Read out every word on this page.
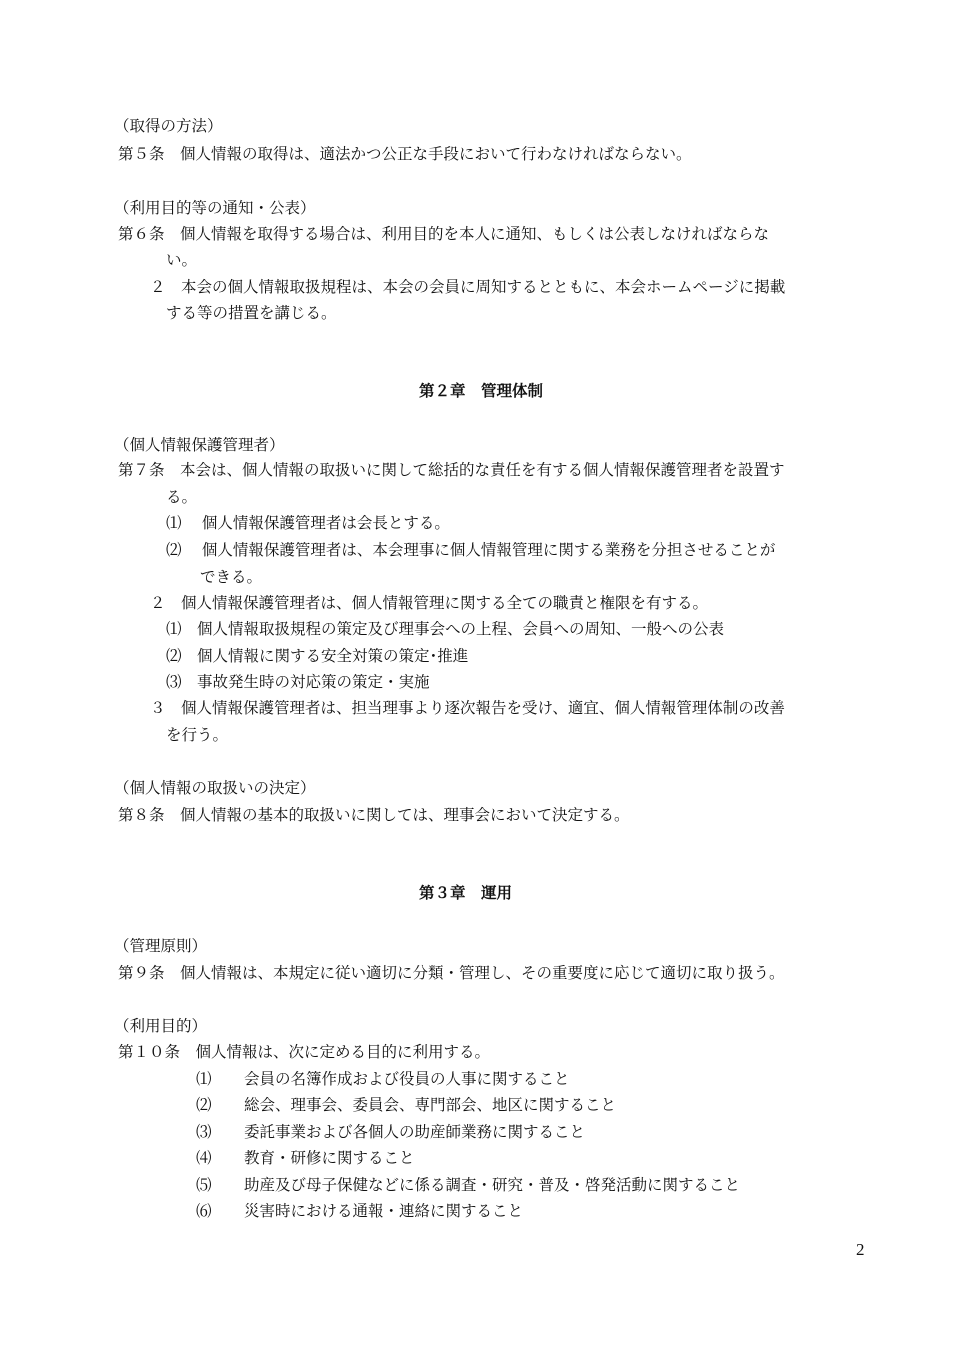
（取得の方法）
第５条　個人情報の取得は、適法かつ公正な手段において行わなければならない。
（利用目的等の通知・公表）
第６条　個人情報を取得する場合は、利用目的を本人に通知、もしくは公表しなければならな
い。
２　本会の個人情報取扱規程は、本会の会員に周知するとともに、本会ホームページに掲載
する等の措置を講じる。
第２章　管理体制
（個人情報保護管理者）
第７条　本会は、個人情報の取扱いに関して総括的な責任を有する個人情報保護管理者を設置す
る。
⑴　 個人情報保護管理者は会長とする。
⑵　 個人情報保護管理者は、本会理事に個人情報管理に関する業務を分担させることが
できる。
２　個人情報保護管理者は、個人情報管理に関する全ての職責と権限を有する。
⑴　個人情報取扱規程の策定及び理事会への上程、会員への周知、一般への公表
⑵　個人情報に関する安全対策の策定･推進
⑶　事故発生時の対応策の策定・実施
３　個人情報保護管理者は、担当理事より逐次報告を受け、適宜、個人情報管理体制の改善
を行う。
（個人情報の取扱いの決定）
第８条　個人情報の基本的取扱いに関しては、理事会において決定する。
第３章　運用
（管理原則）
第９条　個人情報は、本規定に従い適切に分類・管理し、その重要度に応じて適切に取り扱う。
（利用目的）
第１０条　個人情報は、次に定める目的に利用する。
⑴ 会員の名簿作成および役員の人事に関すること
⑵ 総会、理事会、委員会、専門部会、地区に関すること
⑶ 委託事業および各個人の助産師業務に関すること
⑷ 教育・研修に関すること
⑸ 助産及び母子保健などに係る調査・研究・普及・啓発活動に関すること
⑹ 災害時における通報・連絡に関すること
2
